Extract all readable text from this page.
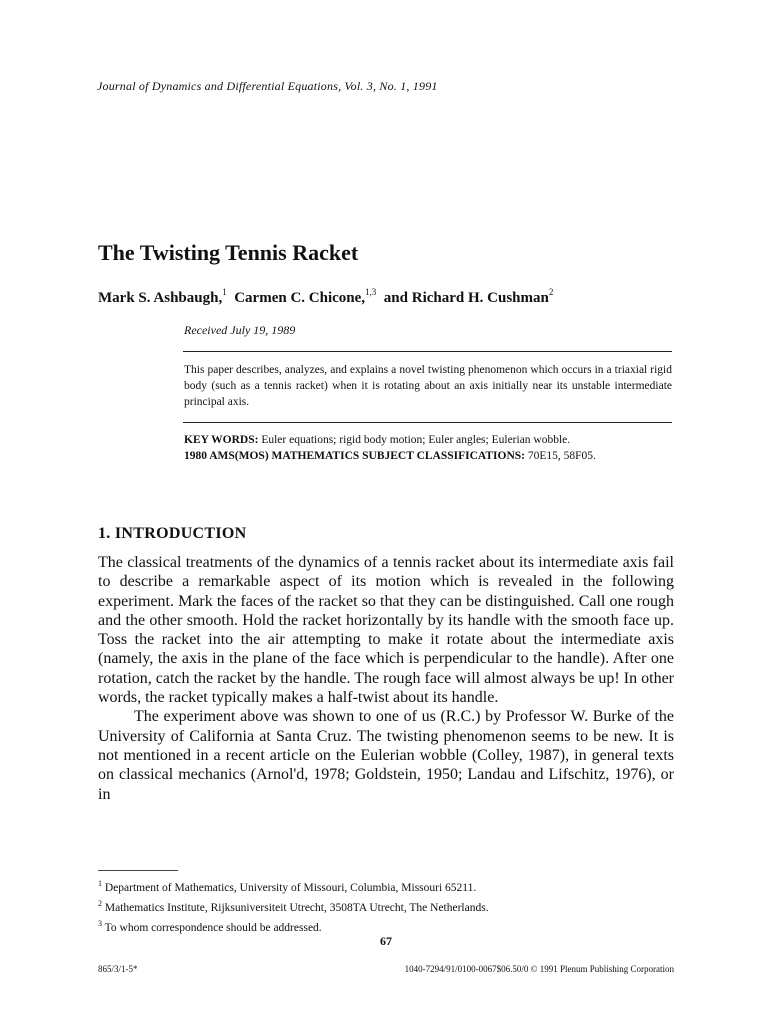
Journal of Dynamics and Differential Equations, Vol. 3, No. 1, 1991
The Twisting Tennis Racket
Mark S. Ashbaugh,$^1$ Carmen C. Chicone,$^{1,3}$ and Richard H. Cushman$^2$
Received July 19, 1989
This paper describes, analyzes, and explains a novel twisting phenomenon which occurs in a triaxial rigid body (such as a tennis racket) when it is rotating about an axis initially near its unstable intermediate principal axis.
KEY WORDS: Euler equations; rigid body motion; Euler angles; Eulerian wobble.
1980 AMS(MOS) MATHEMATICS SUBJECT CLASSIFICATIONS: 70E15, 58F05.
1. INTRODUCTION

The classical treatments of the dynamics of a tennis racket about its intermediate axis fail to describe a remarkable aspect of its motion which is revealed in the following experiment. Mark the faces of the racket so that they can be distinguished. Call one rough and the other smooth. Hold the racket horizontally by its handle with the smooth face up. Toss the racket into the air attempting to make it rotate about the intermediate axis (namely, the axis in the plane of the face which is perpendicular to the handle). After one rotation, catch the racket by the handle. The rough face will almost always be up! In other words, the racket typically makes a half-twist about its handle.

The experiment above was shown to one of us (R.C.) by Professor W. Burke of the University of California at Santa Cruz. The twisting phenomenon seems to be new. It is not mentioned in a recent article on the Eulerian wobble (Colley, 1987), in general texts on classical mechanics (Arnol'd, 1978; Goldstein, 1950; Landau and Lifschitz, 1976), or in

$^1$ Department of Mathematics, University of Missouri, Columbia, Missouri 65211.
$^2$ Mathematics Institute, Rijksuniversiteit Utrecht, 3508TA Utrecht, The Netherlands.
$^3$ To whom correspondence should be addressed.
67
865/3/1-5*	1040-7294/91/0100-0067$06.50/0 © 1991 Plenum Publishing Corporation
